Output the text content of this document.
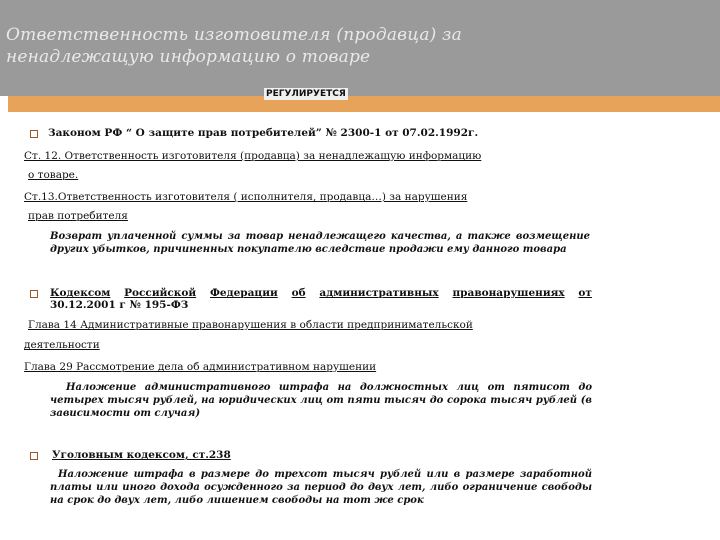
Ответственность изготовителя (продавца) за ненадлежащую информацию о товаре
РЕГУЛИРУЕТСЯ
Законом РФ “ О защите прав потребителей” № 2300-1 от 07.02.1992г.
Ст. 12. Ответственность изготовителя (продавца) за ненадлежащую информацию
о товаре.
Ст.13.Ответственность изготовителя ( исполнителя, продавца…) за нарушения
прав потребителя
Возврат уплаченной суммы за товар ненадлежащего качества, а также возмещение других убытков, причиненных покупателю вследствие продажи ему данного товара
Кодексом Российской Федерации об административных правонарушениях от
30.12.2001 г № 195-ФЗ
Глава 14 Административные правонарушения в области предпринимательской
деятельности
Глава 29 Рассмотрение дела об административном нарушении
Наложение административного штрафа на должностных лиц от пятисот до четырех тысяч рублей, на юридических лиц от пяти тысяч до сорока тысяч рублей (в зависимости от случая)
Уголовным кодексом, ст.238
Наложение штрафа в размере до трехсот тысяч рублей или в размере заработной платы или иного дохода осужденного за период до двух лет, либо ограничение свободы на срок до двух лет, либо лишением свободы на тот же срок
